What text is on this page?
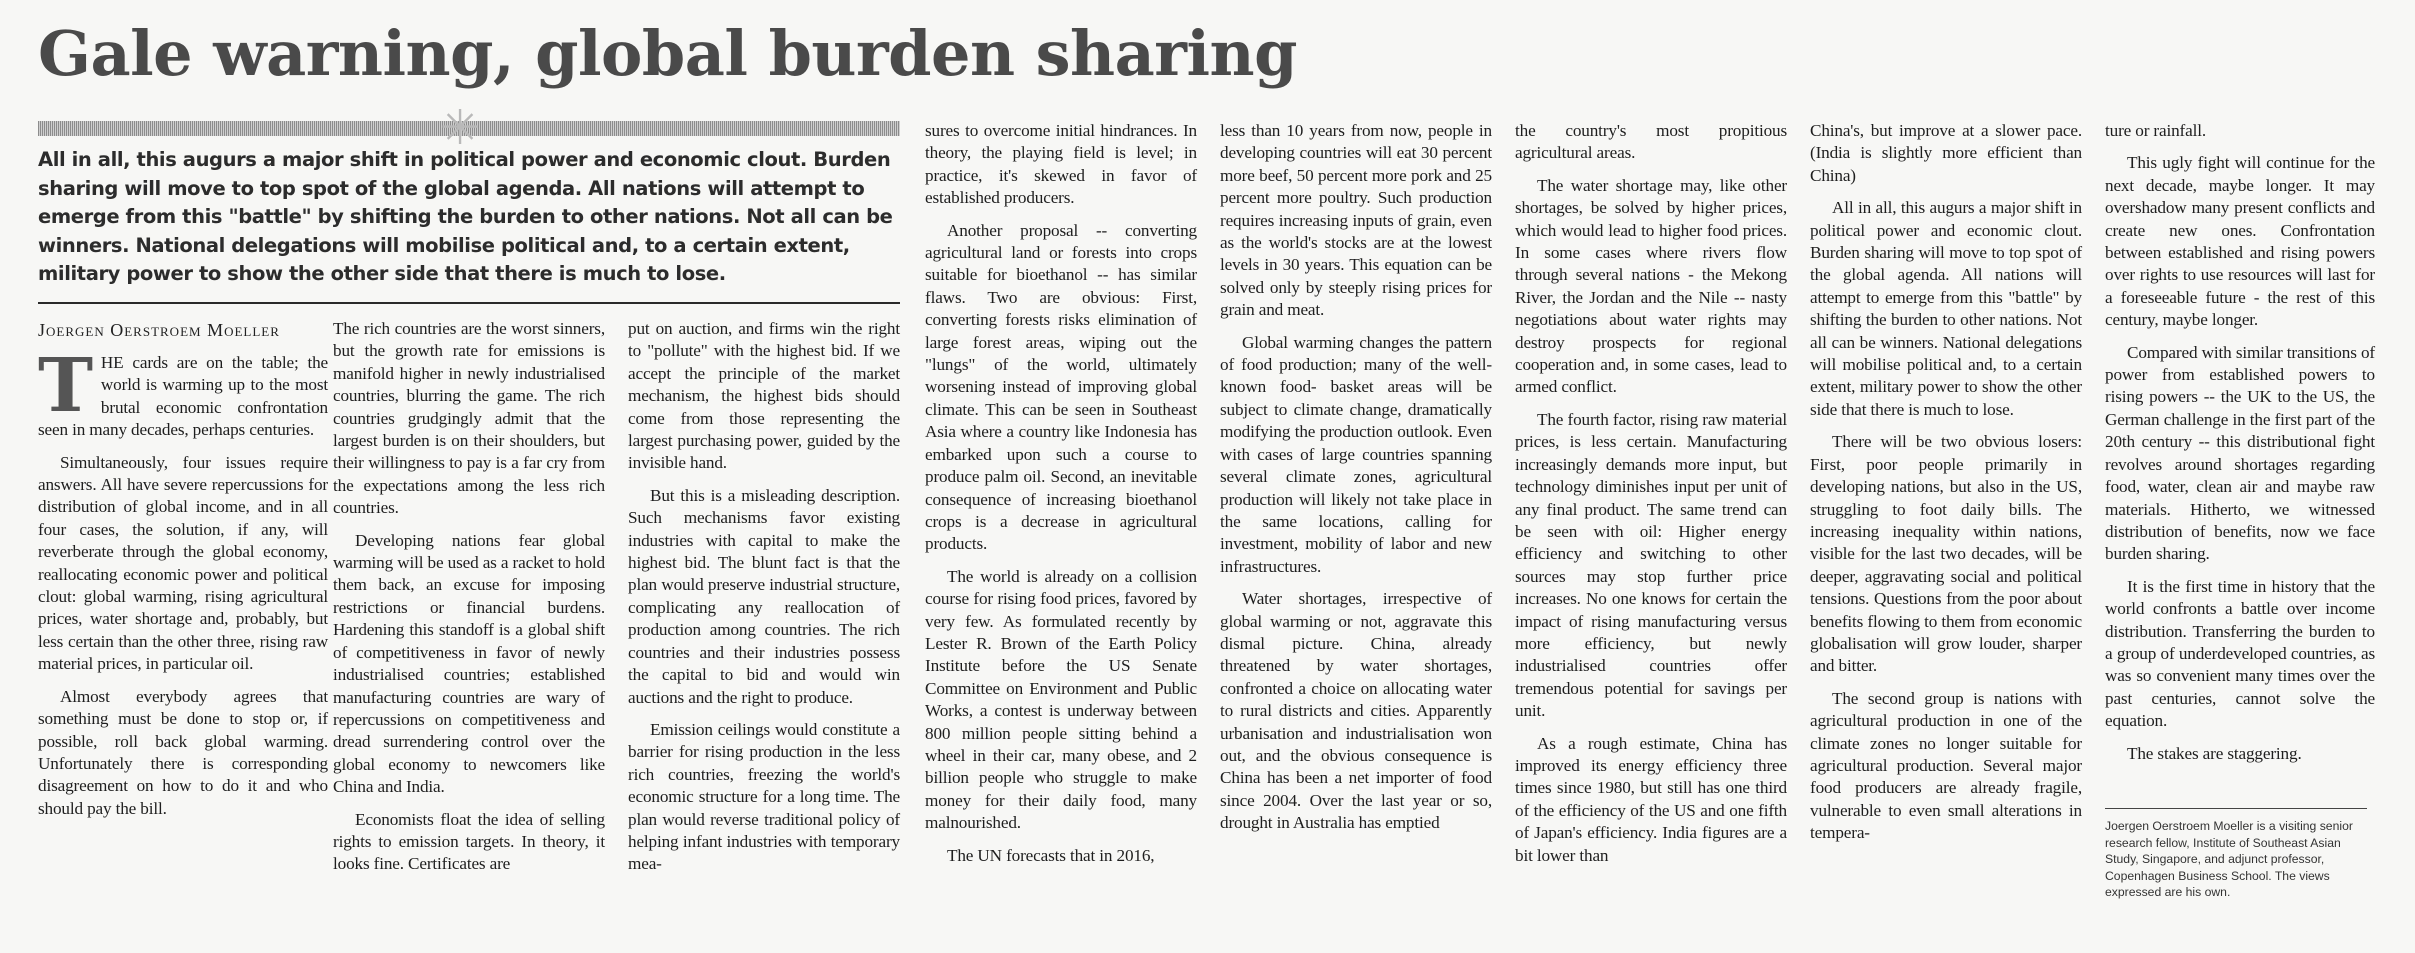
Gale warning, global burden sharing
✳

All in all, this augurs a major shift in political power and economic clout. Burden sharing will move to top spot of the global agenda. All nations will attempt to emerge from this "battle" by shifting the burden to other nations. Not all can be winners. National delegations will mobilise political and, to a certain extent, military power to show the other side that there is much to lose.

Joergen Oerstroem Moeller

THE cards are on the table; the world is warming up to the most brutal economic confrontation seen in many decades, perhaps centuries.

Simultaneously, four issues require answers. All have severe repercussions for distribution of global income, and in all four cases, the solution, if any, will reverberate through the global economy, reallocating economic power and political clout: global warming, rising agricultural prices, water shortage and, probably, but less certain than the other three, rising raw material prices, in particular oil.

Almost everybody agrees that something must be done to stop or, if possible, roll back global warming. Unfortunately there is corresponding disagreement on how to do it and who should pay the bill.

The rich countries are the worst sinners, but the growth rate for emissions is manifold higher in newly industrialised countries, blurring the game. The rich countries grudgingly admit that the largest burden is on their shoulders, but their willingness to pay is a far cry from the expectations among the less rich countries.

Developing nations fear global warming will be used as a racket to hold them back, an excuse for imposing restrictions or financial burdens. Hardening this standoff is a global shift of competitiveness in favor of newly industrialised countries; established manufacturing countries are wary of repercussions on competitiveness and dread surrendering control over the global economy to newcomers like China and India.

Economists float the idea of selling rights to emission targets. In theory, it looks fine. Certificates are

put on auction, and firms win the right to "pollute" with the highest bid. If we accept the principle of the market mechanism, the highest bids should come from those representing the largest purchasing power, guided by the invisible hand.

But this is a misleading description. Such mechanisms favor existing industries with capital to make the highest bid. The blunt fact is that the plan would preserve industrial structure, complicating any reallocation of production among countries. The rich countries and their industries possess the capital to bid and would win auctions and the right to produce.

Emission ceilings would constitute a barrier for rising production in the less rich countries, freezing the world's economic structure for a long time. The plan would reverse traditional policy of helping infant industries with temporary mea-

sures to overcome initial hindrances. In theory, the playing field is level; in practice, it's skewed in favor of established producers.

Another proposal -- converting agricultural land or forests into crops suitable for bioethanol -- has similar flaws. Two are obvious: First, converting forests risks elimination of large forest areas, wiping out the "lungs" of the world, ultimately worsening instead of improving global climate. This can be seen in Southeast Asia where a country like Indonesia has embarked upon such a course to produce palm oil. Second, an inevitable consequence of increasing bioethanol crops is a decrease in agricultural products.

The world is already on a collision course for rising food prices, favored by very few. As formulated recently by Lester R. Brown of the Earth Policy Institute before the US Senate Committee on Environment and Public Works, a contest is underway between 800 million people sitting behind a wheel in their car, many obese, and 2 billion people who struggle to make money for their daily food, many malnourished.

The UN forecasts that in 2016,

less than 10 years from now, people in developing countries will eat 30 percent more beef, 50 percent more pork and 25 percent more poultry. Such production requires increasing inputs of grain, even as the world's stocks are at the lowest levels in 30 years. This equation can be solved only by steeply rising prices for grain and meat.

Global warming changes the pattern of food production; many of the well-known food- basket areas will be subject to climate change, dramatically modifying the production outlook. Even with cases of large countries spanning several climate zones, agricultural production will likely not take place in the same locations, calling for investment, mobility of labor and new infrastructures.

Water shortages, irrespective of global warming or not, aggravate this dismal picture. China, already threatened by water shortages, confronted a choice on allocating water to rural districts and cities. Apparently urbanisation and industrialisation won out, and the obvious consequence is China has been a net importer of food since 2004. Over the last year or so, drought in Australia has emptied

the country's most propitious agricultural areas.

The water shortage may, like other shortages, be solved by higher prices, which would lead to higher food prices. In some cases where rivers flow through several nations - the Mekong River, the Jordan and the Nile -- nasty negotiations about water rights may destroy prospects for regional cooperation and, in some cases, lead to armed conflict.

The fourth factor, rising raw material prices, is less certain. Manufacturing increasingly demands more input, but technology diminishes input per unit of any final product. The same trend can be seen with oil: Higher energy efficiency and switching to other sources may stop further price increases. No one knows for certain the impact of rising manufacturing versus more efficiency, but newly industrialised countries offer tremendous potential for savings per unit.

As a rough estimate, China has improved its energy efficiency three times since 1980, but still has one third of the efficiency of the US and one fifth of Japan's efficiency. India figures are a bit lower than

China's, but improve at a slower pace. (India is slightly more efficient than China)

All in all, this augurs a major shift in political power and economic clout. Burden sharing will move to top spot of the global agenda. All nations will attempt to emerge from this "battle" by shifting the burden to other nations. Not all can be winners. National delegations will mobilise political and, to a certain extent, military power to show the other side that there is much to lose.

There will be two obvious losers: First, poor people primarily in developing nations, but also in the US, struggling to foot daily bills. The increasing inequality within nations, visible for the last two decades, will be deeper, aggravating social and political tensions. Questions from the poor about benefits flowing to them from economic globalisation will grow louder, sharper and bitter.

The second group is nations with agricultural production in one of the climate zones no longer suitable for agricultural production. Several major food producers are already fragile, vulnerable to even small alterations in tempera-

ture or rainfall.

This ugly fight will continue for the next decade, maybe longer. It may overshadow many present conflicts and create new ones. Confrontation between established and rising powers over rights to use resources will last for a foreseeable future - the rest of this century, maybe longer.

Compared with similar transitions of power from established powers to rising powers -- the UK to the US, the German challenge in the first part of the 20th century -- this distributional fight revolves around shortages regarding food, water, clean air and maybe raw materials. Hitherto, we witnessed distribution of benefits, now we face burden sharing.

It is the first time in history that the world confronts a battle over income distribution. Transferring the burden to a group of underdeveloped countries, as was so convenient many times over the past centuries, cannot solve the equation.

The stakes are staggering.

Joergen Oerstroem Moeller is a visiting senior research fellow, Institute of Southeast Asian Study, Singapore, and adjunct professor, Copenhagen Business School. The views expressed are his own.
